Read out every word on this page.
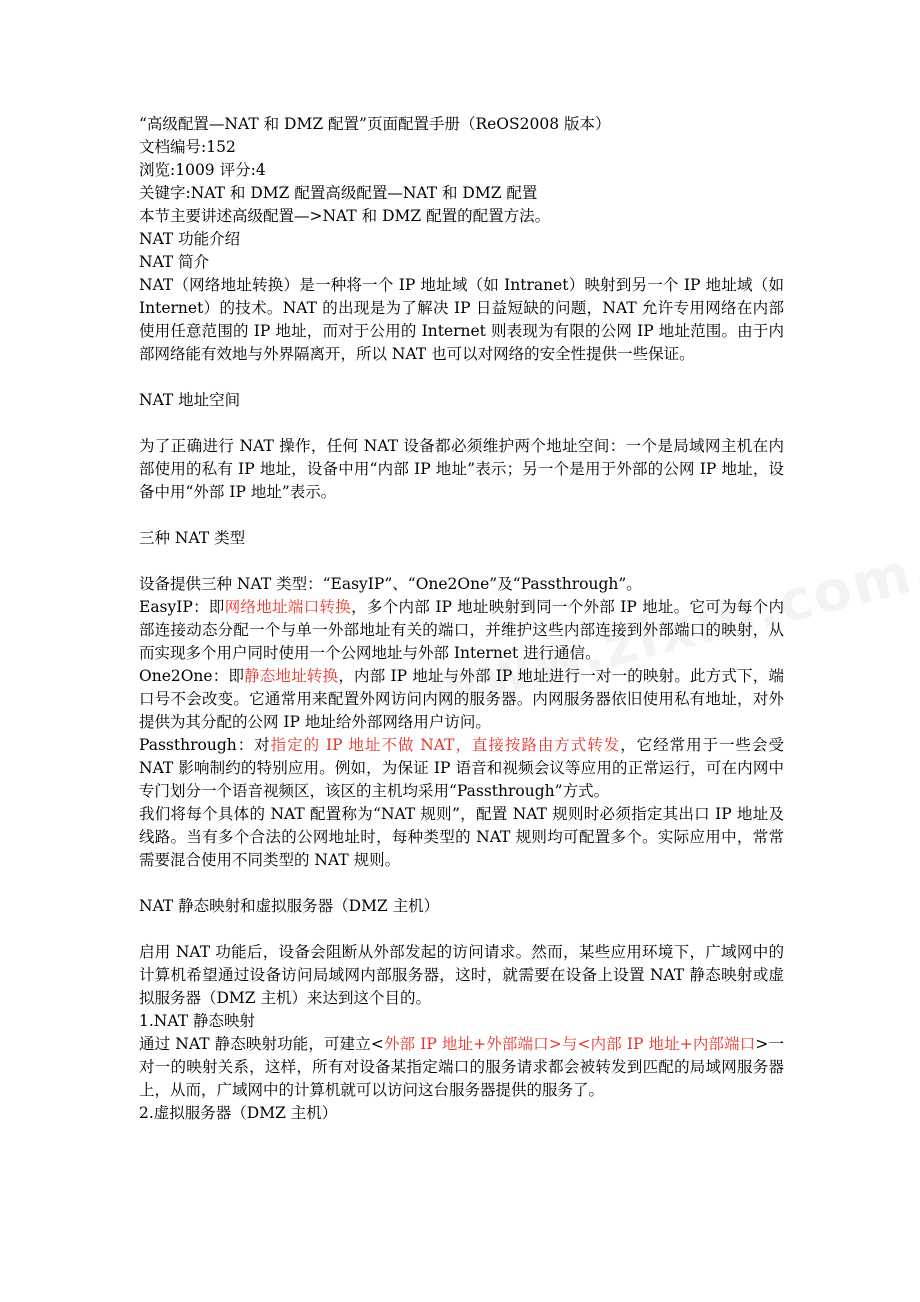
“高级配置—NAT 和 DMZ 配置”页面配置手册（ReOS2008 版本）

文档编号:152

浏览:1009 评分:4

关键字:NAT 和 DMZ 配置高级配置—NAT 和 DMZ 配置

本节主要讲述高级配置—>NAT 和 DMZ 配置的配置方法。

NAT 功能介绍

NAT 简介

NAT（网络地址转换）是一种将一个 IP 地址域（如 Intranet）映射到另一个 IP 地址域（如 Internet）的技术。NAT 的出现是为了解决 IP 日益短缺的问题，NAT 允许专用网络在内部使用任意范围的 IP 地址，而对于公用的 Internet 则表现为有限的公网 IP 地址范围。由于内部网络能有效地与外界隔离开，所以 NAT 也可以对网络的安全性提供一些保证。

NAT 地址空间

为了正确进行 NAT 操作，任何 NAT 设备都必须维护两个地址空间：一个是局域网主机在内部使用的私有 IP 地址，设备中用“内部 IP 地址”表示；另一个是用于外部的公网 IP 地址，设备中用“外部 IP 地址”表示。

三种 NAT 类型

设备提供三种 NAT 类型：“EasyIP”、“One2One”及“Passthrough”。

EasyIP：即网络地址端口转换，多个内部 IP 地址映射到同一个外部 IP 地址。它可为每个内部连接动态分配一个与单一外部地址有关的端口，并维护这些内部连接到外部端口的映射，从而实现多个用户同时使用一个公网地址与外部 Internet 进行通信。

One2One：即静态地址转换，内部 IP 地址与外部 IP 地址进行一对一的映射。此方式下，端口号不会改变。它通常用来配置外网访问内网的服务器。内网服务器依旧使用私有地址，对外提供为其分配的公网 IP 地址给外部网络用户访问。

Passthrough：对指定的 IP 地址不做 NAT，直接按路由方式转发，它经常用于一些会受 NAT 影响制约的特别应用。例如，为保证 IP 语音和视频会议等应用的正常运行，可在内网中专门划分一个语音视频区，该区的主机均采用“Passthrough”方式。

我们将每个具体的 NAT 配置称为“NAT 规则”，配置 NAT 规则时必须指定其出口 IP 地址及线路。当有多个合法的公网地址时，每种类型的 NAT 规则均可配置多个。实际应用中，常常需要混合使用不同类型的 NAT 规则。

NAT 静态映射和虚拟服务器（DMZ 主机）

启用 NAT 功能后，设备会阻断从外部发起的访问请求。然而，某些应用环境下，广域网中的计算机希望通过设备访问局域网内部服务器，这时，就需要在设备上设置 NAT 静态映射或虚拟服务器（DMZ 主机）来达到这个目的。

1.NAT 静态映射

通过 NAT 静态映射功能，可建立<外部 IP 地址+外部端口>与<内部 IP 地址+内部端口>一对一的映射关系，这样，所有对设备某指定端口的服务请求都会被转发到匹配的局域网服务器上，从而，广域网中的计算机就可以访问这台服务器提供的服务了。

2.虚拟服务器（DMZ 主机）
